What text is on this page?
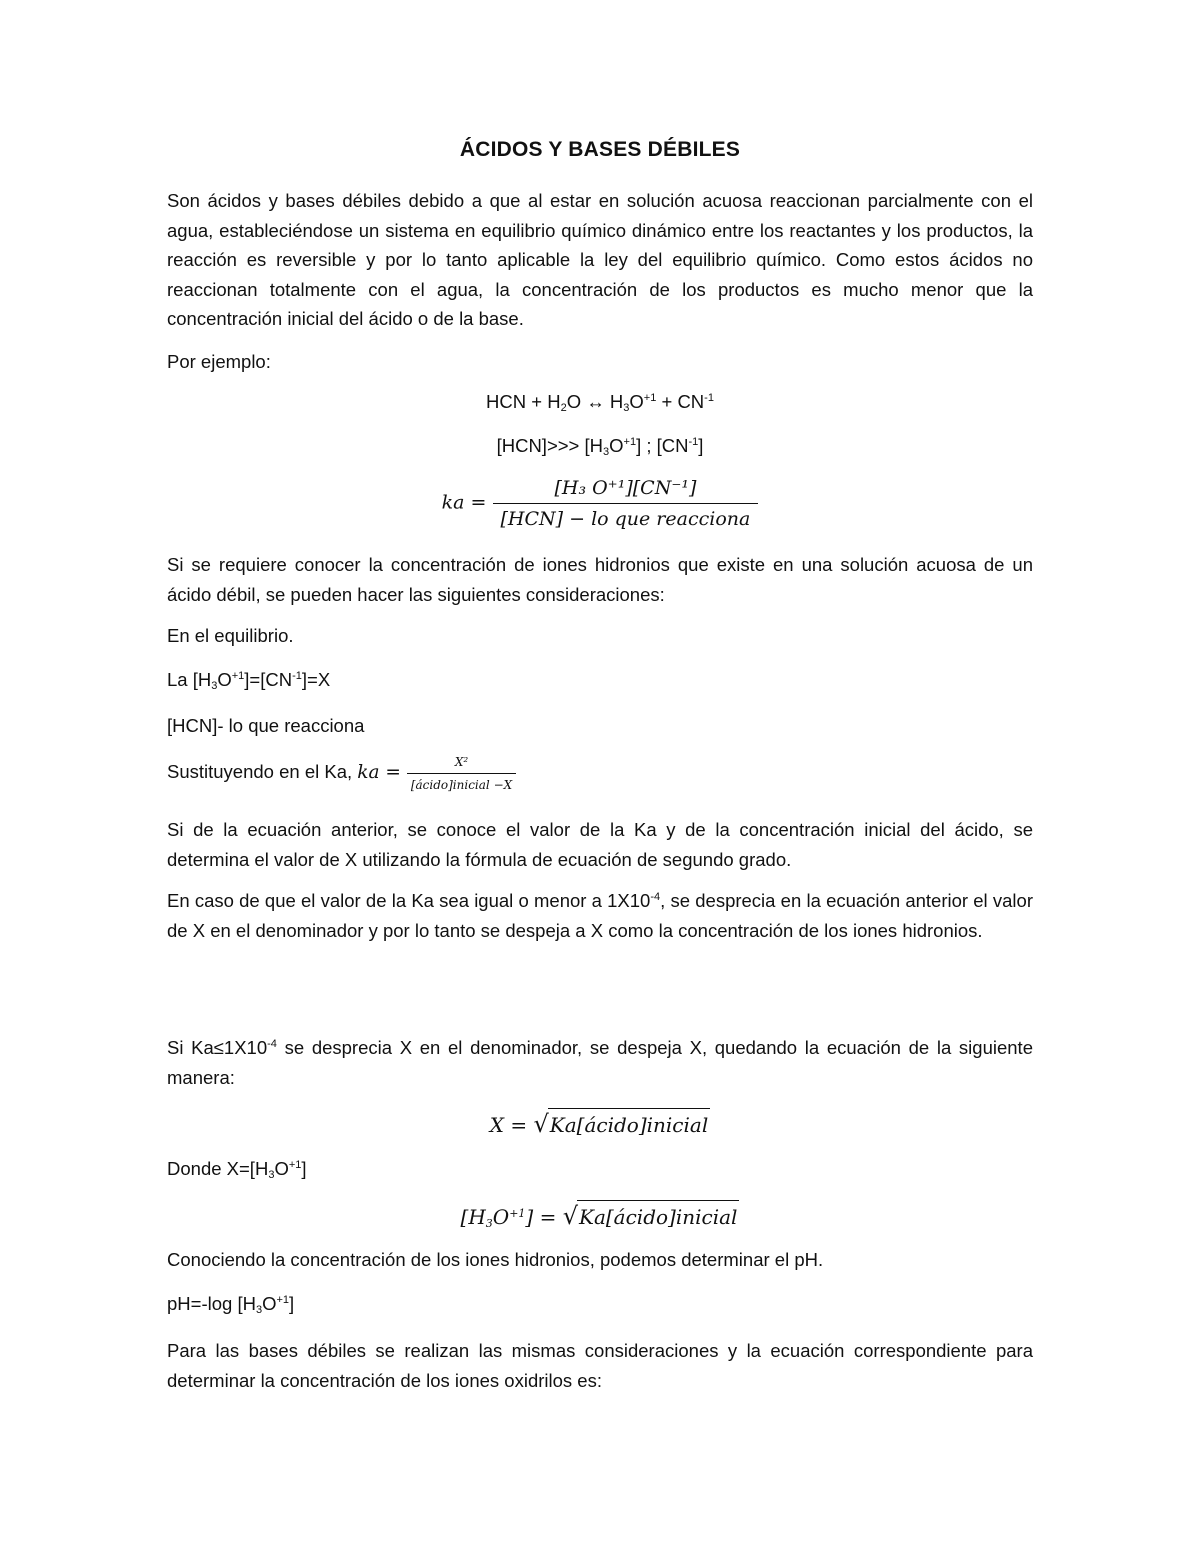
ÁCIDOS Y BASES DÉBILES
Son ácidos y bases débiles debido a que al estar en solución acuosa reaccionan parcialmente con el agua, estableciéndose un sistema en equilibrio químico dinámico entre los reactantes y los productos, la reacción es reversible y por lo tanto aplicable la ley del equilibrio químico. Como estos ácidos no reaccionan totalmente con el agua, la concentración de los productos es mucho menor que la concentración inicial del ácido o de la base.
Por ejemplo:
HCN + $H_2O$ ↔ $H_3O^{+1} + CN^{-1}$
$[HCN]>>> [H_3O^{+1}]$ ; $[CN^{-1}]$
ka = $\frac{\text{[H₃ O⁺¹][CN⁻¹]}}{\text{[HCN] − lo que reacciona}}$
Si se requiere conocer la concentración de iones hidronios que existe en una solución acuosa de un ácido débil, se pueden hacer las siguientes consideraciones:
En el equilibrio.
La $[H_3O^{+1}]=[CN^{-1}]=X$
[HCN]- lo que reacciona
Sustituyendo en el Ka, ka = $\frac{\text{X²}}{\text{[ácido]inicial −X}}$
Si de la ecuación anterior, se conoce el valor de la Ka y de la concentración inicial del ácido, se determina el valor de X utilizando la fórmula de ecuación de segundo grado.
En caso de que el valor de la Ka sea igual o menor a $1X10^{-4}$, se desprecia en la ecuación anterior el valor de X en el denominador y por lo tanto se despeja a X como la concentración de los iones hidronios.
Si $Ka\le 1X10^{-4}$ se desprecia X en el denominador, se despeja X, quedando la ecuación de la siguiente manera:
X = √Ka[ácido]inicial
Donde $X=[H_3O^{+1}]$
$[H_3O^{+1}]$ = √Ka[ácido]inicial
Conociendo la concentración de los iones hidronios, podemos determinar el pH.
pH=-log $[H_3O^{+1}]$
Para las bases débiles se realizan las mismas consideraciones y la ecuación correspondiente para determinar la concentración de los iones oxidrilos es:
